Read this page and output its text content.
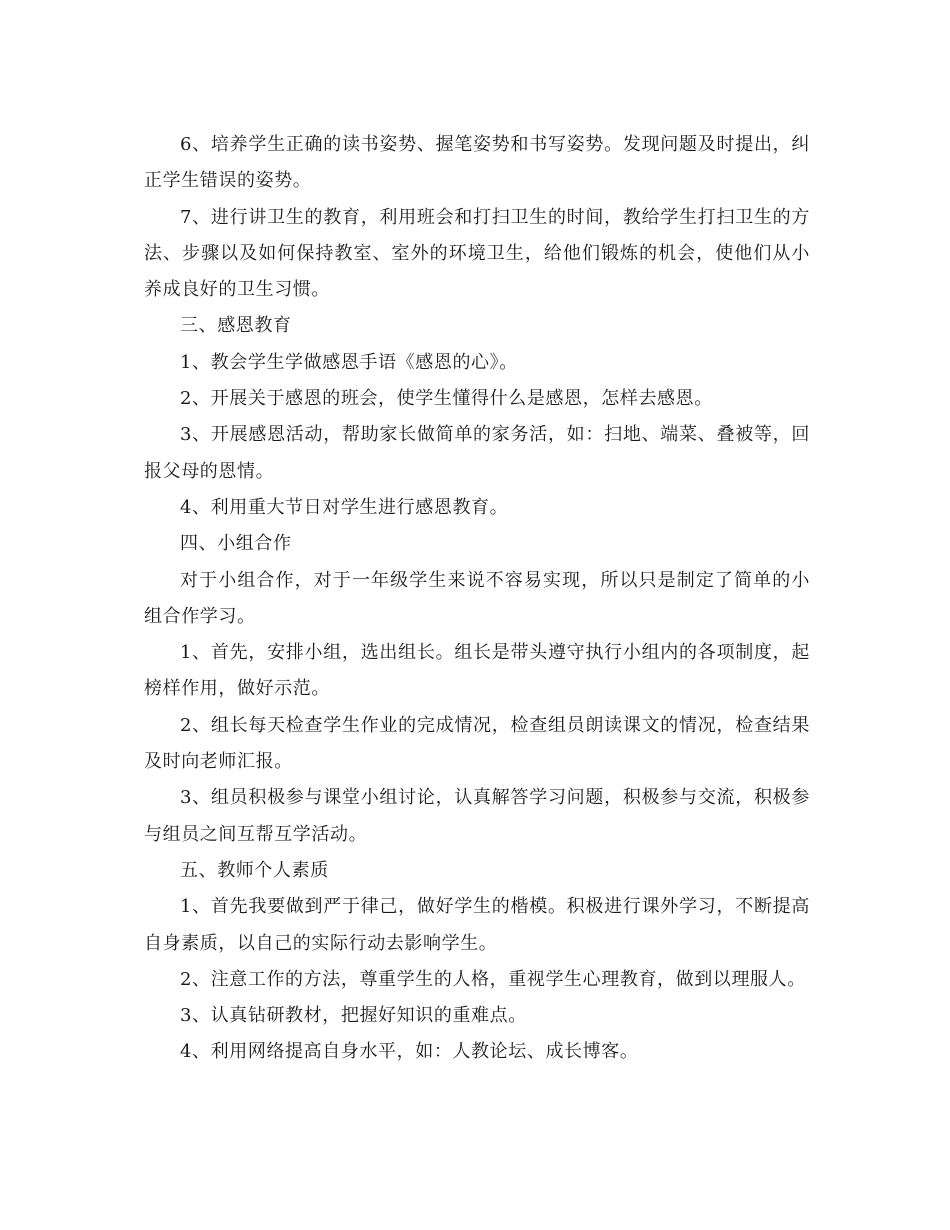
6、培养学生正确的读书姿势、握笔姿势和书写姿势。发现问题及时提出，纠正学生错误的姿势。

7、进行讲卫生的教育，利用班会和打扫卫生的时间，教给学生打扫卫生的方法、步骤以及如何保持教室、室外的环境卫生，给他们锻炼的机会，使他们从小养成良好的卫生习惯。

三、感恩教育

1、教会学生学做感恩手语《感恩的心》。

2、开展关于感恩的班会，使学生懂得什么是感恩，怎样去感恩。

3、开展感恩活动，帮助家长做简单的家务活，如：扫地、端菜、叠被等，回报父母的恩情。

4、利用重大节日对学生进行感恩教育。

四、小组合作

对于小组合作，对于一年级学生来说不容易实现，所以只是制定了简单的小组合作学习。

1、首先，安排小组，选出组长。组长是带头遵守执行小组内的各项制度，起榜样作用，做好示范。

2、组长每天检查学生作业的完成情况，检查组员朗读课文的情况，检查结果及时向老师汇报。

3、组员积极参与课堂小组讨论，认真解答学习问题，积极参与交流，积极参与组员之间互帮互学活动。

五、教师个人素质

1、首先我要做到严于律己，做好学生的楷模。积极进行课外学习，不断提高自身素质，以自己的实际行动去影响学生。

2、注意工作的方法，尊重学生的人格，重视学生心理教育，做到以理服人。

3、认真钻研教材，把握好知识的重难点。

4、利用网络提高自身水平，如：人教论坛、成长博客。
